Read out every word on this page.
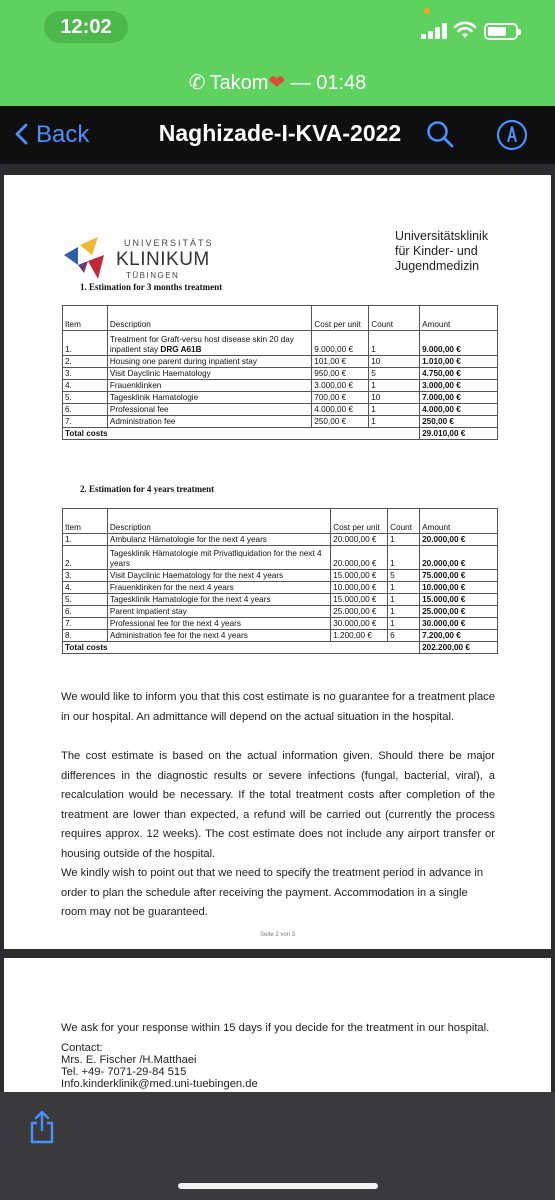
12:02
✆ Takom❤ — 01:48
Back	Naghizade-I-KVA-2022
UNIVERSITÄTS
KLINIKUM
TÜBINGEN
Universitätsklinik
für Kinder- und
Jugendmedizin
1. Estimation for 3 months treatment
Item	Description	Cost per unit	Count	Amount
1.	Treatment for Graft-versu host disease skin 20 day inpatient stay DRG A61B	9.000,00 €	1	9.000,00 €
2.	Housing one parent during inpatient stay	101,00 €	10	1.010,00 €
3.	Visit Dayclinic Haematology	950,00 €	5	4.750,00 €
4.	Frauenklinken	3.000,00 €	1	3.000,00 €
5.	Tagesklinik Hamatologie	700,00 €	10	7.000,00 €
6.	Professional fee	4.000,00 €	1	4.000,00 €
7.	Administration fee	250,00 €	1	250,00 €
Total costs				29.010,00 €
2. Estimation for 4 years treatment
Item	Description	Cost per unit	Count	Amount
1.	Ambulanz Hämatologie for the next 4 years	20.000,00 €	1	20.000,00 €
2.	Tagesklinik Hämatologie mit Privatliquidation for the next 4 years	20.000,00 €	1	20.000,00 €
3.	Visit Dayclinic Haematology for the next 4 years	15.000,00 €	5	75.000,00 €
4.	Frauenklinken for the next 4 years	10.000,00 €	1	10.000,00 €
5.	Tagesklinik Hamatologie for the next 4 years	15.000,00 €	1	15.000,00 €
6.	Parent impatient stay	25.000,00 €	1	25.000,00 €
7.	Professional fee for the next 4 years	30.000,00 €	1	30.000,00 €
8.	Administration fee for the next 4 years	1.200,00 €	6	7.200,00 €
Total costs				202.200,00 €
We would like to inform you that this cost estimate is no guarantee for a treatment place in our hospital. An admittance will depend on the actual situation in the hospital.
The cost estimate is based on the actual information given. Should there be major differences in the diagnostic results or severe infections (fungal, bacterial, viral), a recalculation would be necessary. If the total treatment costs after completion of the treatment are lower than expected, a refund will be carried out (currently the process requires approx. 12 weeks). The cost estimate does not include any airport transfer or housing outside of the hospital.
We kindly wish to point out that we need to specify the treatment period in advance in order to plan the schedule after receiving the payment. Accommodation in a single room may not be guaranteed.
Seite 2 von 3
We ask for your response within 15 days if you decide for the treatment in our hospital.
Contact:
Mrs. E. Fischer /H.Matthaei
Tel. +49- 7071-29-84 515
Info.kinderklinik@med.uni-tuebingen.de
